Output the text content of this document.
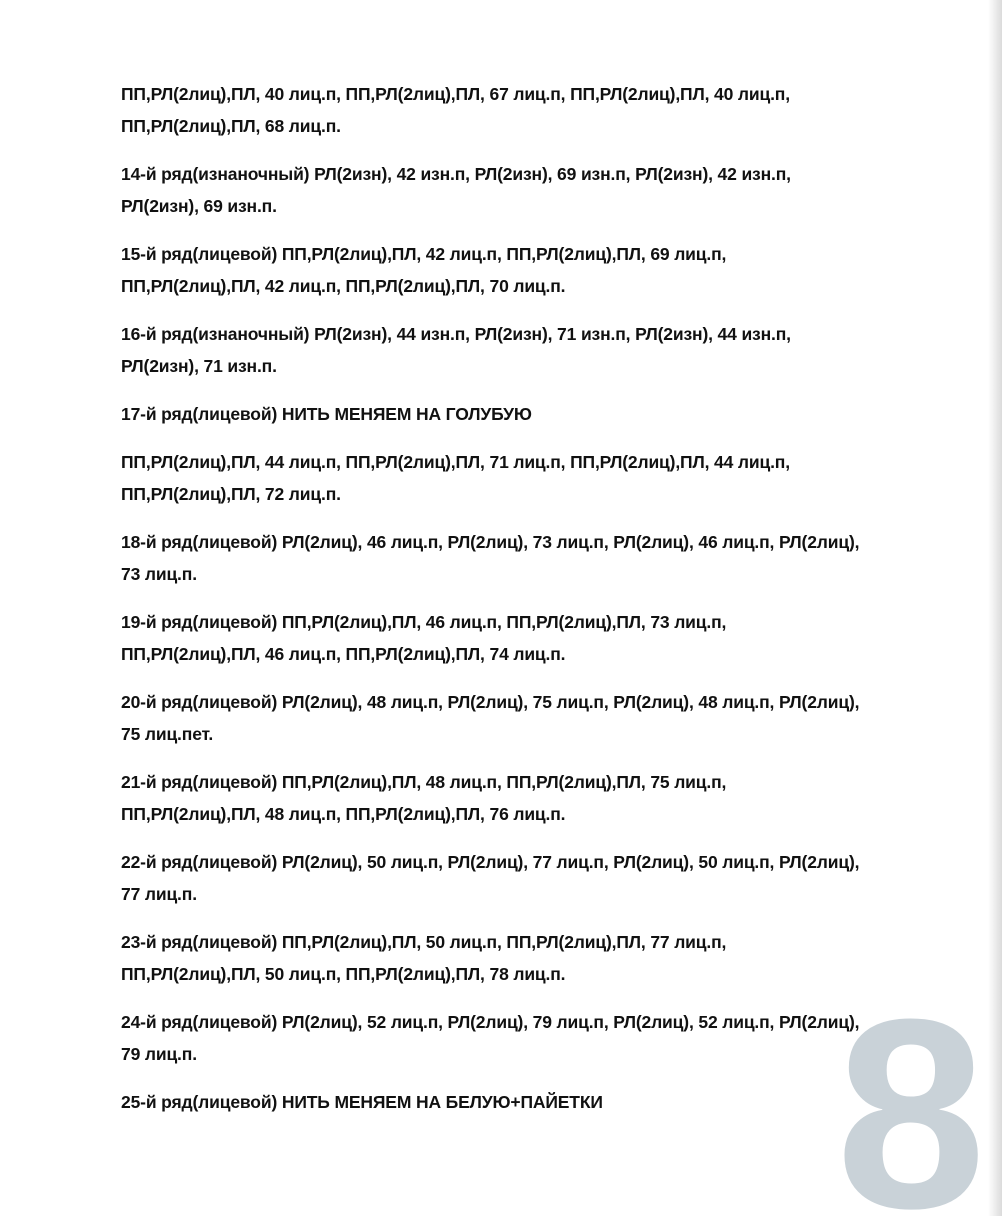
ПП,РЛ(2лиц),ПЛ, 40 лиц.п, ПП,РЛ(2лиц),ПЛ, 67 лиц.п, ПП,РЛ(2лиц),ПЛ, 40 лиц.п, ПП,РЛ(2лиц),ПЛ, 68 лиц.п.

14-й ряд(изнаночный) РЛ(2изн), 42 изн.п, РЛ(2изн), 69 изн.п, РЛ(2изн), 42 изн.п, РЛ(2изн), 69 изн.п.

15-й ряд(лицевой) ПП,РЛ(2лиц),ПЛ, 42 лиц.п, ПП,РЛ(2лиц),ПЛ, 69 лиц.п, ПП,РЛ(2лиц),ПЛ, 42 лиц.п, ПП,РЛ(2лиц),ПЛ, 70 лиц.п.

16-й ряд(изнаночный) РЛ(2изн), 44 изн.п, РЛ(2изн), 71 изн.п, РЛ(2изн), 44 изн.п, РЛ(2изн), 71 изн.п.

17-й ряд(лицевой) НИТЬ МЕНЯЕМ НА ГОЛУБУЮ

ПП,РЛ(2лиц),ПЛ, 44 лиц.п, ПП,РЛ(2лиц),ПЛ, 71 лиц.п, ПП,РЛ(2лиц),ПЛ, 44 лиц.п, ПП,РЛ(2лиц),ПЛ, 72 лиц.п.

18-й ряд(лицевой) РЛ(2лиц), 46 лиц.п, РЛ(2лиц), 73 лиц.п, РЛ(2лиц), 46 лиц.п, РЛ(2лиц), 73 лиц.п.

19-й ряд(лицевой) ПП,РЛ(2лиц),ПЛ, 46 лиц.п, ПП,РЛ(2лиц),ПЛ, 73 лиц.п, ПП,РЛ(2лиц),ПЛ, 46 лиц.п, ПП,РЛ(2лиц),ПЛ, 74 лиц.п.

20-й ряд(лицевой) РЛ(2лиц), 48 лиц.п, РЛ(2лиц), 75 лиц.п, РЛ(2лиц), 48 лиц.п, РЛ(2лиц), 75 лиц.пет.

21-й ряд(лицевой) ПП,РЛ(2лиц),ПЛ, 48 лиц.п, ПП,РЛ(2лиц),ПЛ, 75 лиц.п, ПП,РЛ(2лиц),ПЛ, 48 лиц.п, ПП,РЛ(2лиц),ПЛ, 76 лиц.п.

22-й ряд(лицевой) РЛ(2лиц), 50 лиц.п, РЛ(2лиц), 77 лиц.п, РЛ(2лиц), 50 лиц.п, РЛ(2лиц), 77 лиц.п.

23-й ряд(лицевой) ПП,РЛ(2лиц),ПЛ, 50 лиц.п, ПП,РЛ(2лиц),ПЛ, 77 лиц.п, ПП,РЛ(2лиц),ПЛ, 50 лиц.п, ПП,РЛ(2лиц),ПЛ, 78 лиц.п.

24-й ряд(лицевой) РЛ(2лиц), 52 лиц.п, РЛ(2лиц), 79 лиц.п, РЛ(2лиц), 52 лиц.п, РЛ(2лиц), 79 лиц.п.

25-й ряд(лицевой) НИТЬ МЕНЯЕМ НА БЕЛУЮ+ПАЙЕТКИ 8
